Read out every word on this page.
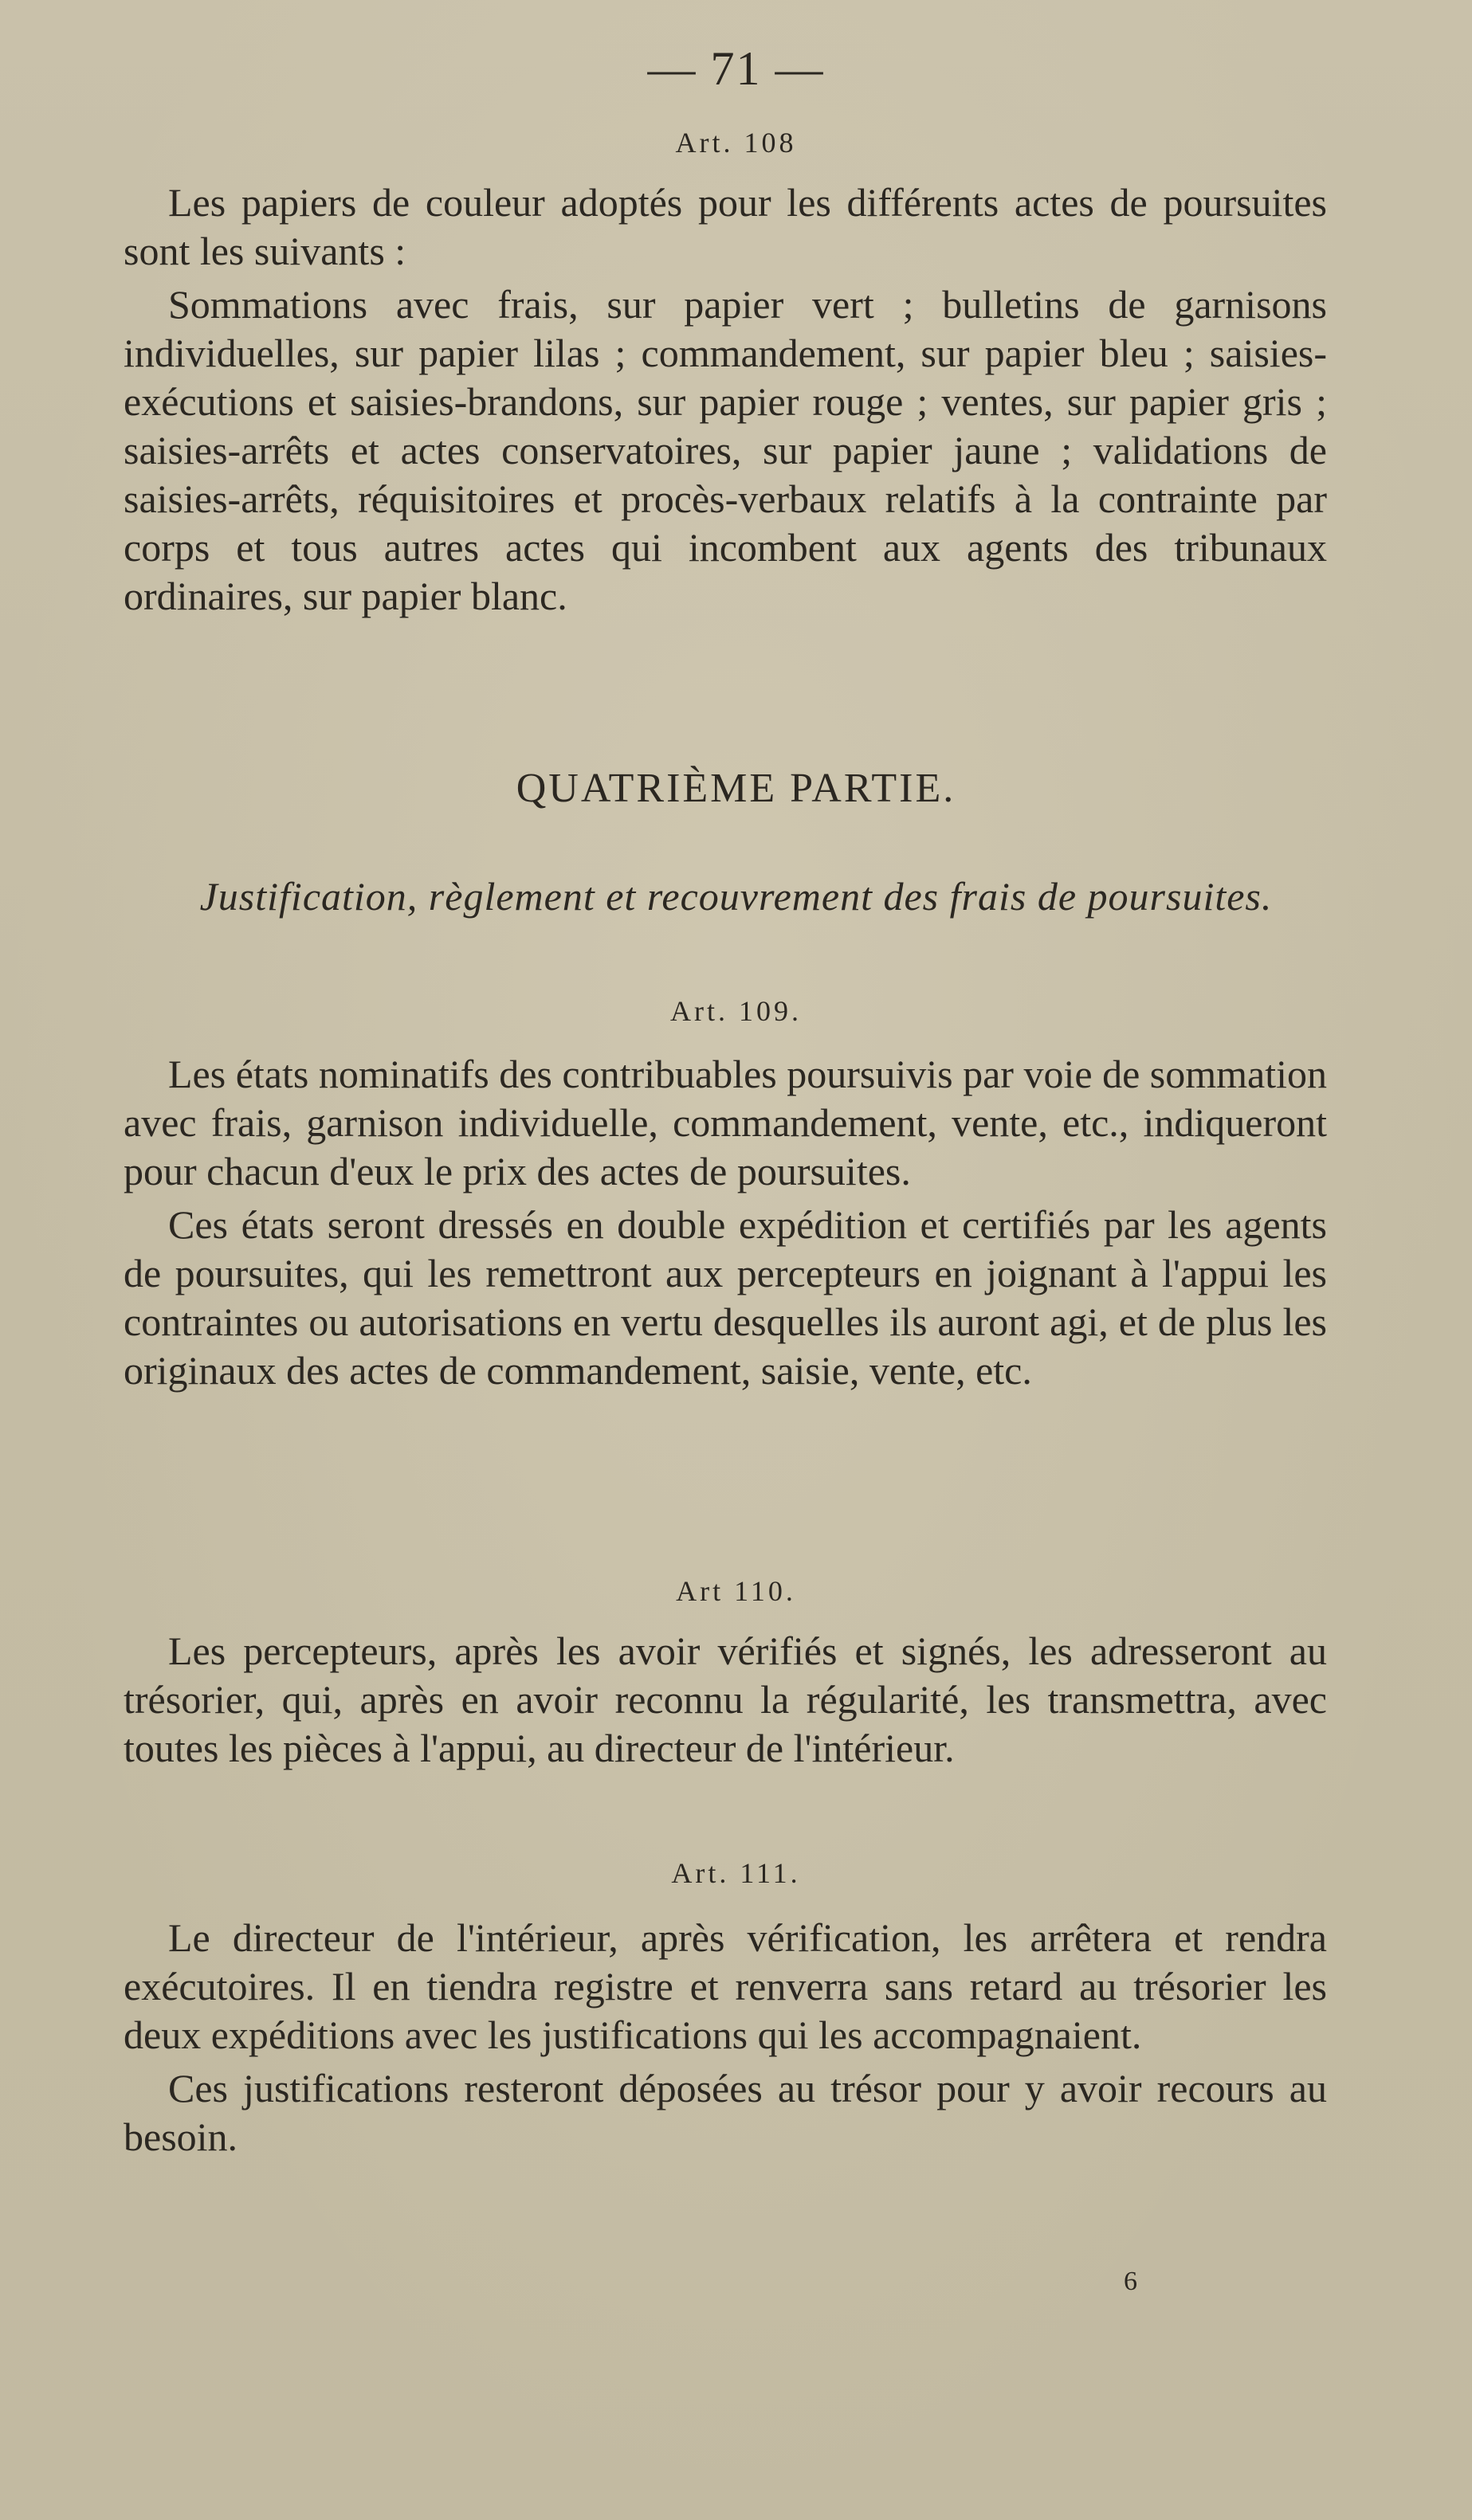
— 71 —
Art. 108

Les papiers de couleur adoptés pour les différents actes de poursuites sont les suivants :

Sommations avec frais, sur papier vert ; bulletins de garnisons individuelles, sur papier lilas ; commandement, sur papier bleu ; saisies-exécutions et saisies-brandons, sur papier rouge ; ventes, sur papier gris ; saisies-arrêts et actes conservatoires, sur papier jaune ; validations de saisies-arrêts, réquisitoires et procès-verbaux relatifs à la contrainte par corps et tous autres actes qui incombent aux agents des tribunaux ordinaires, sur papier blanc.

QUATRIÈME PARTIE.
Justification, règlement et recouvrement des frais de poursuites.
Art. 109.

Les états nominatifs des contribuables poursuivis par voie de sommation avec frais, garnison individuelle, commandement, vente, etc., indiqueront pour chacun d'eux le prix des actes de poursuites.

Ces états seront dressés en double expédition et certifiés par les agents de poursuites, qui les remettront aux percepteurs en joignant à l'appui les contraintes ou autorisations en vertu desquelles ils auront agi, et de plus les originaux des actes de commandement, saisie, vente, etc.

Art 110.

Les percepteurs, après les avoir vérifiés et signés, les adresseront au trésorier, qui, après en avoir reconnu la régularité, les transmettra, avec toutes les pièces à l'appui, au directeur de l'intérieur.

Art. 111.

Le directeur de l'intérieur, après vérification, les arrêtera et rendra exécutoires. Il en tiendra registre et renverra sans retard au trésorier les deux expéditions avec les justifications qui les accompagnaient.

Ces justifications resteront déposées au trésor pour y avoir recours au besoin.

6
